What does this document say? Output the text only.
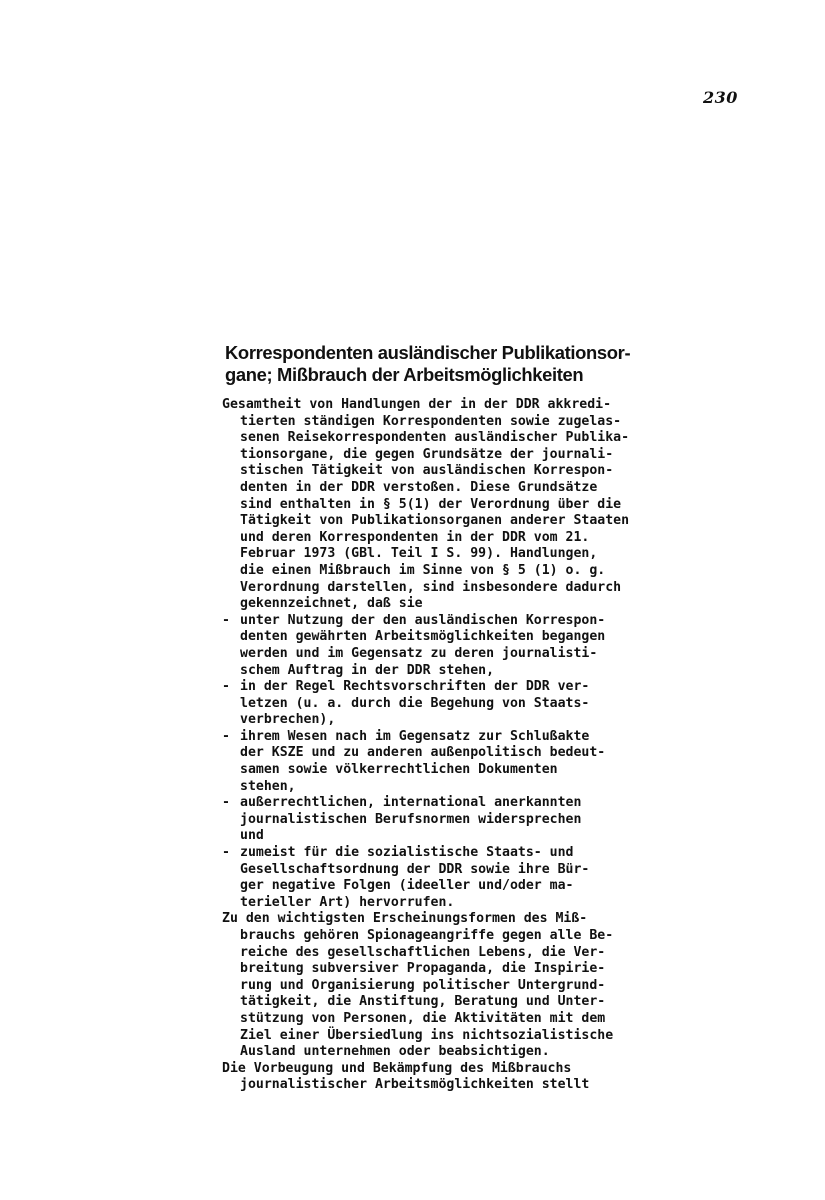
230
Korrespondenten ausländischer Publikationsor-
gane; Mißbrauch der Arbeitsmöglichkeiten
Gesamtheit von Handlungen der in der DDR akkredi-
tierten ständigen Korrespondenten sowie zugelas-
senen Reisekorrespondenten ausländischer Publika-
tionsorgane, die gegen Grundsätze der journali-
stischen Tätigkeit von ausländischen Korrespon-
denten in der DDR verstoßen. Diese Grundsätze
sind enthalten in § 5(1) der Verordnung über die
Tätigkeit von Publikationsorganen anderer Staaten
und deren Korrespondenten in der DDR vom 21.
Februar 1973 (GBl. Teil I S. 99). Handlungen,
die einen Mißbrauch im Sinne von § 5 (1) o. g.
Verordnung darstellen, sind insbesondere dadurch
gekennzeichnet, daß sie
- unter Nutzung der den ausländischen Korrespon-
denten gewährten Arbeitsmöglichkeiten begangen
werden und im Gegensatz zu deren journalisti-
schem Auftrag in der DDR stehen,
- in der Regel Rechtsvorschriften der DDR ver-
letzen (u. a. durch die Begehung von Staats-
verbrechen),
- ihrem Wesen nach im Gegensatz zur Schlußakte
der KSZE und zu anderen außenpolitisch bedeut-
samen sowie völkerrechtlichen Dokumenten
stehen,
- außerrechtlichen, international anerkannten
journalistischen Berufsnormen widersprechen
und
- zumeist für die sozialistische Staats- und
Gesellschaftsordnung der DDR sowie ihre Bür-
ger negative Folgen (ideeller und/oder ma-
terieller Art) hervorrufen.
Zu den wichtigsten Erscheinungsformen des Miß-
brauchs gehören Spionageangriffe gegen alle Be-
reiche des gesellschaftlichen Lebens, die Ver-
breitung subversiver Propaganda, die Inspirie-
rung und Organisierung politischer Untergrund-
tätigkeit, die Anstiftung, Beratung und Unter-
stützung von Personen, die Aktivitäten mit dem
Ziel einer Übersiedlung ins nichtsozialistische
Ausland unternehmen oder beabsichtigen.
Die Vorbeugung und Bekämpfung des Mißbrauchs
journalistischer Arbeitsmöglichkeiten stellt
